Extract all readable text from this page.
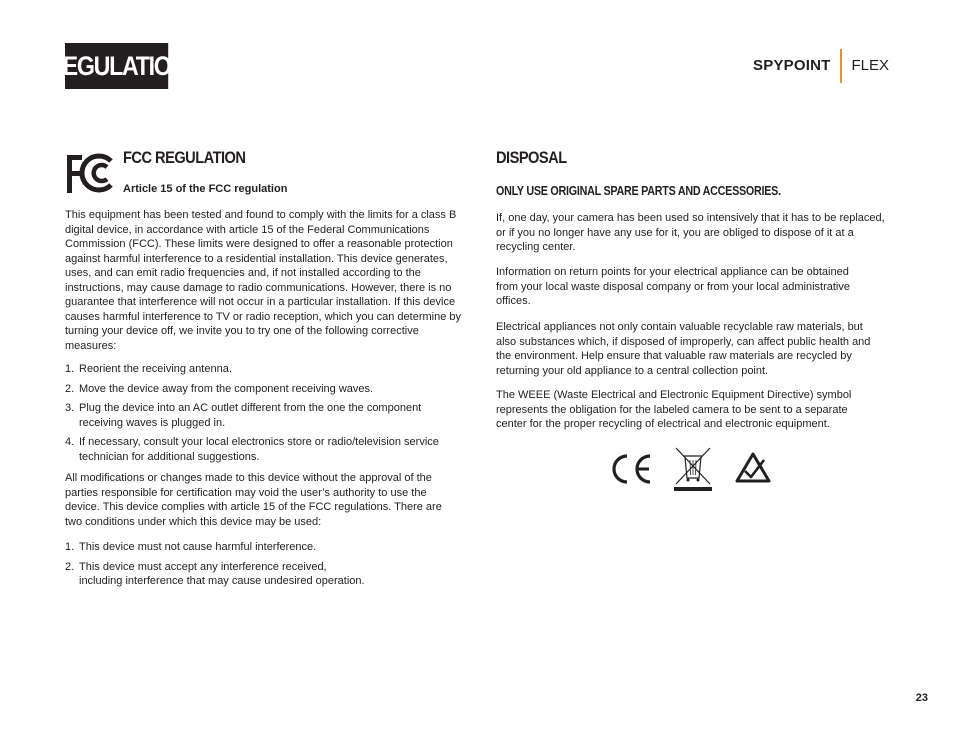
REGULATION	SPYPOINT FLEX
FCC REGULATION
Article 15 of the FCC regulation

This equipment has been tested and found to comply with the limits for a class B digital device, in accordance with article 15 of the Federal Communications Commission (FCC). These limits were designed to offer a reasonable protection against harmful interference to a residential installation. This device generates, uses, and can emit radio frequencies and, if not installed according to the instructions, may cause damage to radio communications. However, there is no guarantee that interference will not occur in a particular installation. If this device causes harmful interference to TV or radio reception, which you can determine by turning your device off, we invite you to try one of the following corrective measures:

1. Reorient the receiving antenna.
2. Move the device away from the component receiving waves.
3. Plug the device into an AC outlet different from the one the component receiving waves is plugged in.
4. If necessary, consult your local electronics store or radio/television service technician for additional suggestions.

All modifications or changes made to this device without the approval of the parties responsible for certification may void the user’s authority to use the device. This device complies with article 15 of the FCC regulations. There are two conditions under which this device may be used:

1. This device must not cause harmful interference.
2. This device must accept any interference received,
including interference that may cause undesired operation.
DISPOSAL
ONLY USE ORIGINAL SPARE PARTS AND ACCESSORIES.

If, one day, your camera has been used so intensively that it has to be replaced, or if you no longer have any use for it, you are obliged to dispose of it at a recycling center.

Information on return points for your electrical appliance can be obtained from your local waste disposal company or from your local administrative offices.

Electrical appliances not only contain valuable recyclable raw materials, but also substances which, if disposed of improperly, can affect public health and the environment. Help ensure that valuable raw materials are recycled by returning your old appliance to a central collection point.

The WEEE (Waste Electrical and Electronic Equipment Directive) symbol represents the obligation for the labeled camera to be sent to a separate center for the proper recycling of electrical and electronic equipment.

23
